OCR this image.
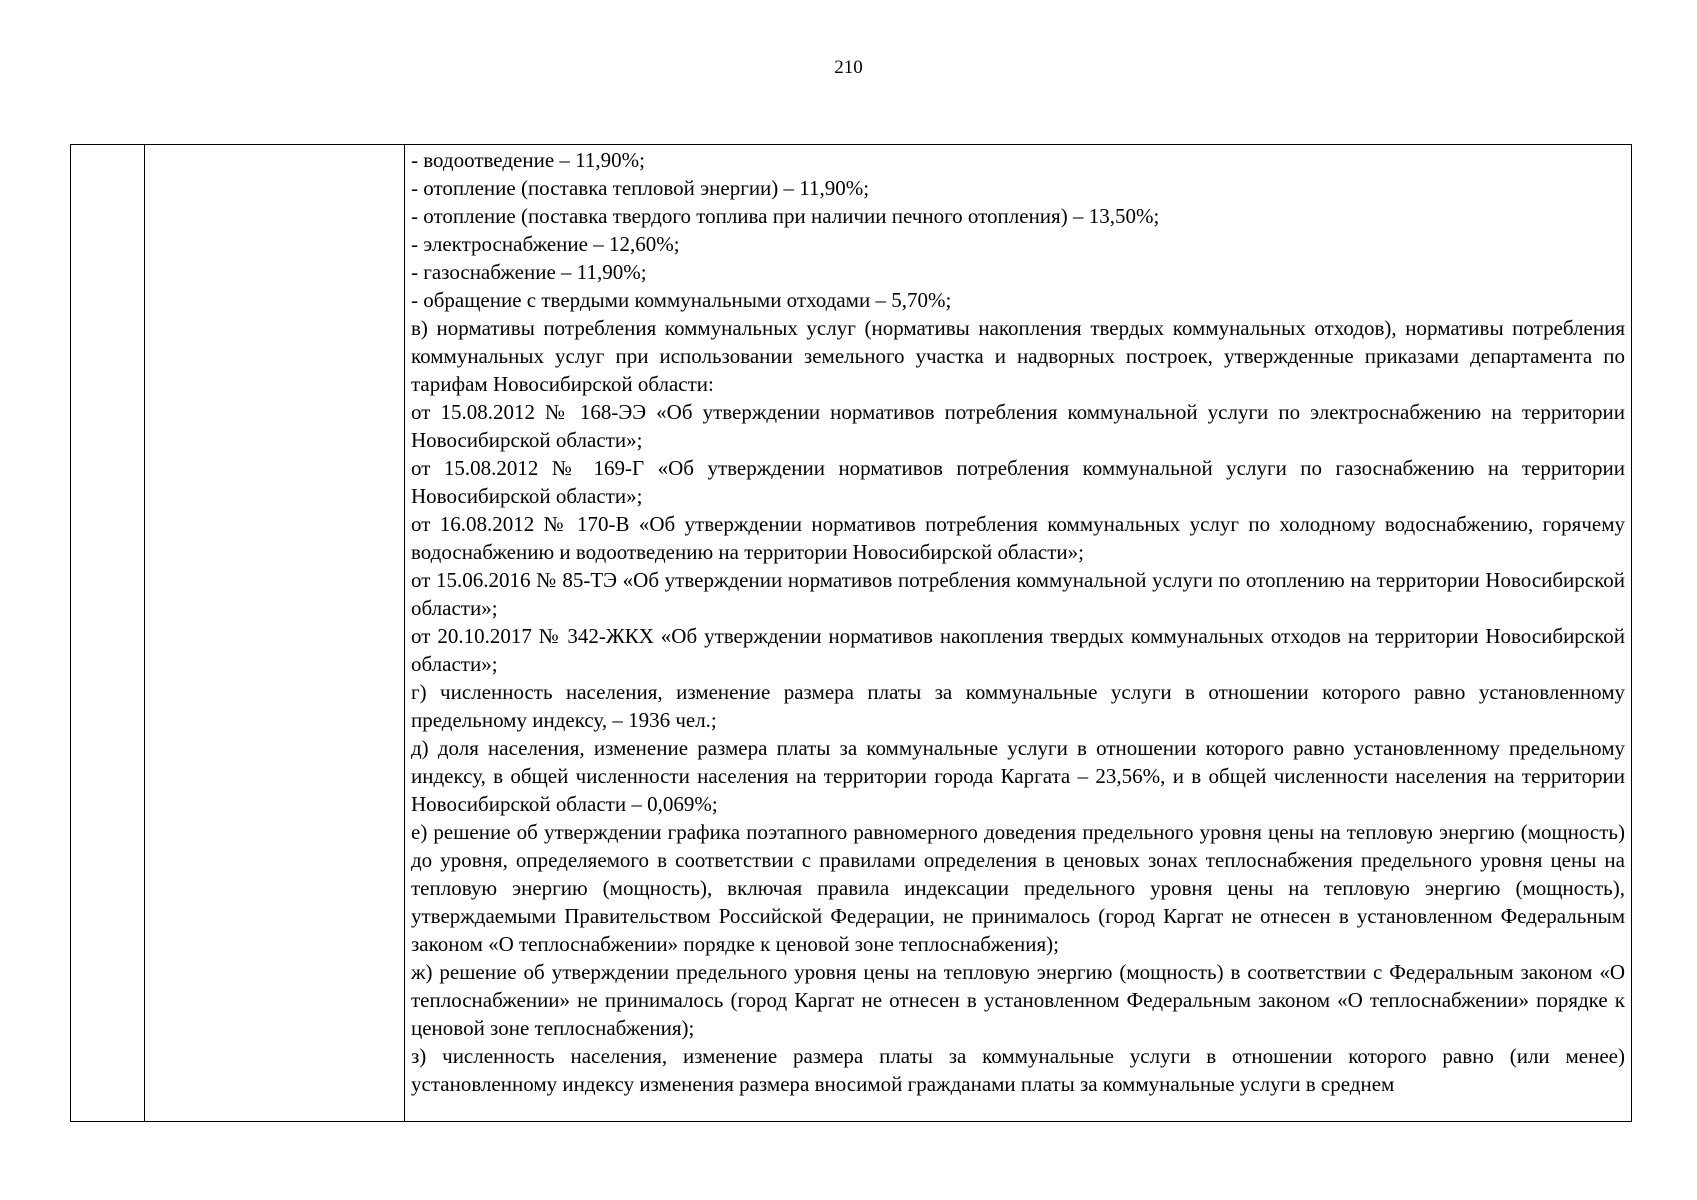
210

- водоотведение – 11,90%;

- отопление (поставка тепловой энергии) – 11,90%;

- отопление (поставка твердого топлива при наличии печного отопления) – 13,50%;

- электроснабжение – 12,60%;

- газоснабжение – 11,90%;

- обращение с твердыми коммунальными отходами – 5,70%;

в) нормативы потребления коммунальных услуг (нормативы накопления твердых коммунальных отходов), нормативы потребления коммунальных услуг при использовании земельного участка и надворных построек, утвержденные приказами департамента по тарифам Новосибирской области:

от 15.08.2012 № 168-ЭЭ «Об утверждении нормативов потребления коммунальной услуги по электроснабжению на территории Новосибирской области»;

от 15.08.2012 № 169-Г «Об утверждении нормативов потребления коммунальной услуги по газоснабжению на территории Новосибирской области»;

от 16.08.2012 № 170-В «Об утверждении нормативов потребления коммунальных услуг по холодному водоснабжению, горячему водоснабжению и водоотведению на территории Новосибирской области»;

от 15.06.2016 № 85-ТЭ «Об утверждении нормативов потребления коммунальной услуги по отоплению на территории Новосибирской области»;

от 20.10.2017 № 342-ЖКХ «Об утверждении нормативов накопления твердых коммунальных отходов на территории Новосибирской области»;

г) численность населения, изменение размера платы за коммунальные услуги в отношении которого равно установленному предельному индексу, – 1936 чел.;

д) доля населения, изменение размера платы за коммунальные услуги в отношении которого равно установленному предельному индексу, в общей численности населения на территории города Каргата – 23,56%, и в общей численности населения на территории Новосибирской области – 0,069%;

е) решение об утверждении графика поэтапного равномерного доведения предельного уровня цены на тепловую энергию (мощность) до уровня, определяемого в соответствии с правилами определения в ценовых зонах теплоснабжения предельного уровня цены на тепловую энергию (мощность), включая правила индексации предельного уровня цены на тепловую энергию (мощность), утверждаемыми Правительством Российской Федерации, не принималось (город Каргат не отнесен в установленном Федеральным законом «О теплоснабжении» порядке к ценовой зоне теплоснабжения);

ж) решение об утверждении предельного уровня цены на тепловую энергию (мощность) в соответствии с Федеральным законом «О теплоснабжении» не принималось (город Каргат не отнесен в установленном Федеральным законом «О теплоснабжении» порядке к ценовой зоне теплоснабжения);

з) численность населения, изменение размера платы за коммунальные услуги в отношении которого равно (или менее) установленному индексу изменения размера вносимой гражданами платы за коммунальные услуги в среднем
